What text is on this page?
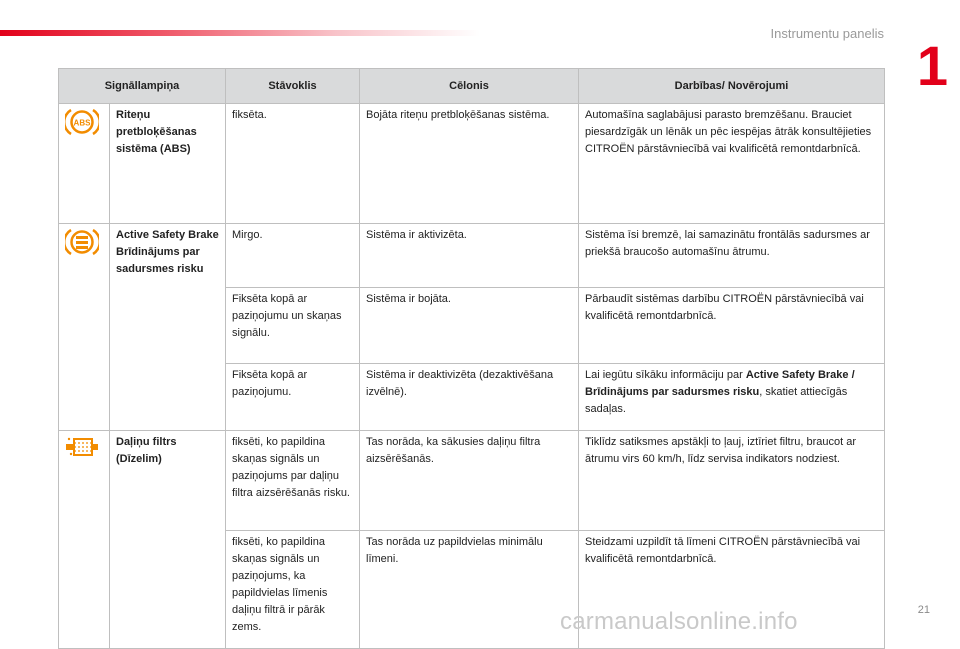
Instrumentu panelis
1
Signāllampiņa		Stāvoklis	Cēlonis	Darbības/ Novērojumi

ABS	Riteņu pretbloķēšanas sistēma (ABS)	fiksēta.	Bojāta riteņu pretbloķēšanas sistēma.	Automašīna saglabājusi parasto bremzēšanu. Brauciet piesardzīgāk un lēnāk un pēc iespējas ātrāk konsultējieties CITROËN pārstāvniecībā vai kvalificētā remontdarbnīcā.

	Active Safety Brake Brīdinājums par sadursmes risku	Mirgo.	Sistēma ir aktivizēta.	Sistēma īsi bremzē, lai samazinātu frontālās sadursmes ar priekšā braucošo automašīnu ātrumu.
		Fiksēta kopā ar paziņojumu un skaņas signālu.	Sistēma ir bojāta.	Pārbaudīt sistēmas darbību CITROËN pārstāvniecībā vai kvalificētā remontdarbnīcā.
		Fiksēta kopā ar paziņojumu.	Sistēma ir deaktivizēta (dezaktivēšana izvēlnē).	Lai iegūtu sīkāku informāciju par Active Safety Brake / Brīdinājums par sadursmes risku, skatiet attiecīgās sadaļas.

	Daļiņu filtrs (Dīzelim)	fiksēti, ko papildina skaņas signāls un paziņojums par daļiņu filtra aizsērēšanās risku.	Tas norāda, ka sākusies daļiņu filtra aizsērēšanās.	Tiklīdz satiksmes apstākļi to ļauj, iztīriet filtru, braucot ar ātrumu virs 60 km/h, līdz servisa indikators nodziest.
		fiksēti, ko papildina skaņas signāls un paziņojums, ka papildvielas līmenis daļiņu filtrā ir pārāk zems.	Tas norāda uz papildvielas minimālu līmeni.	Steidzami uzpildīt tā līmeni CITROËN pārstāvniecībā vai kvalificētā remontdarbnīcā.
21
carmanualsonline.info
